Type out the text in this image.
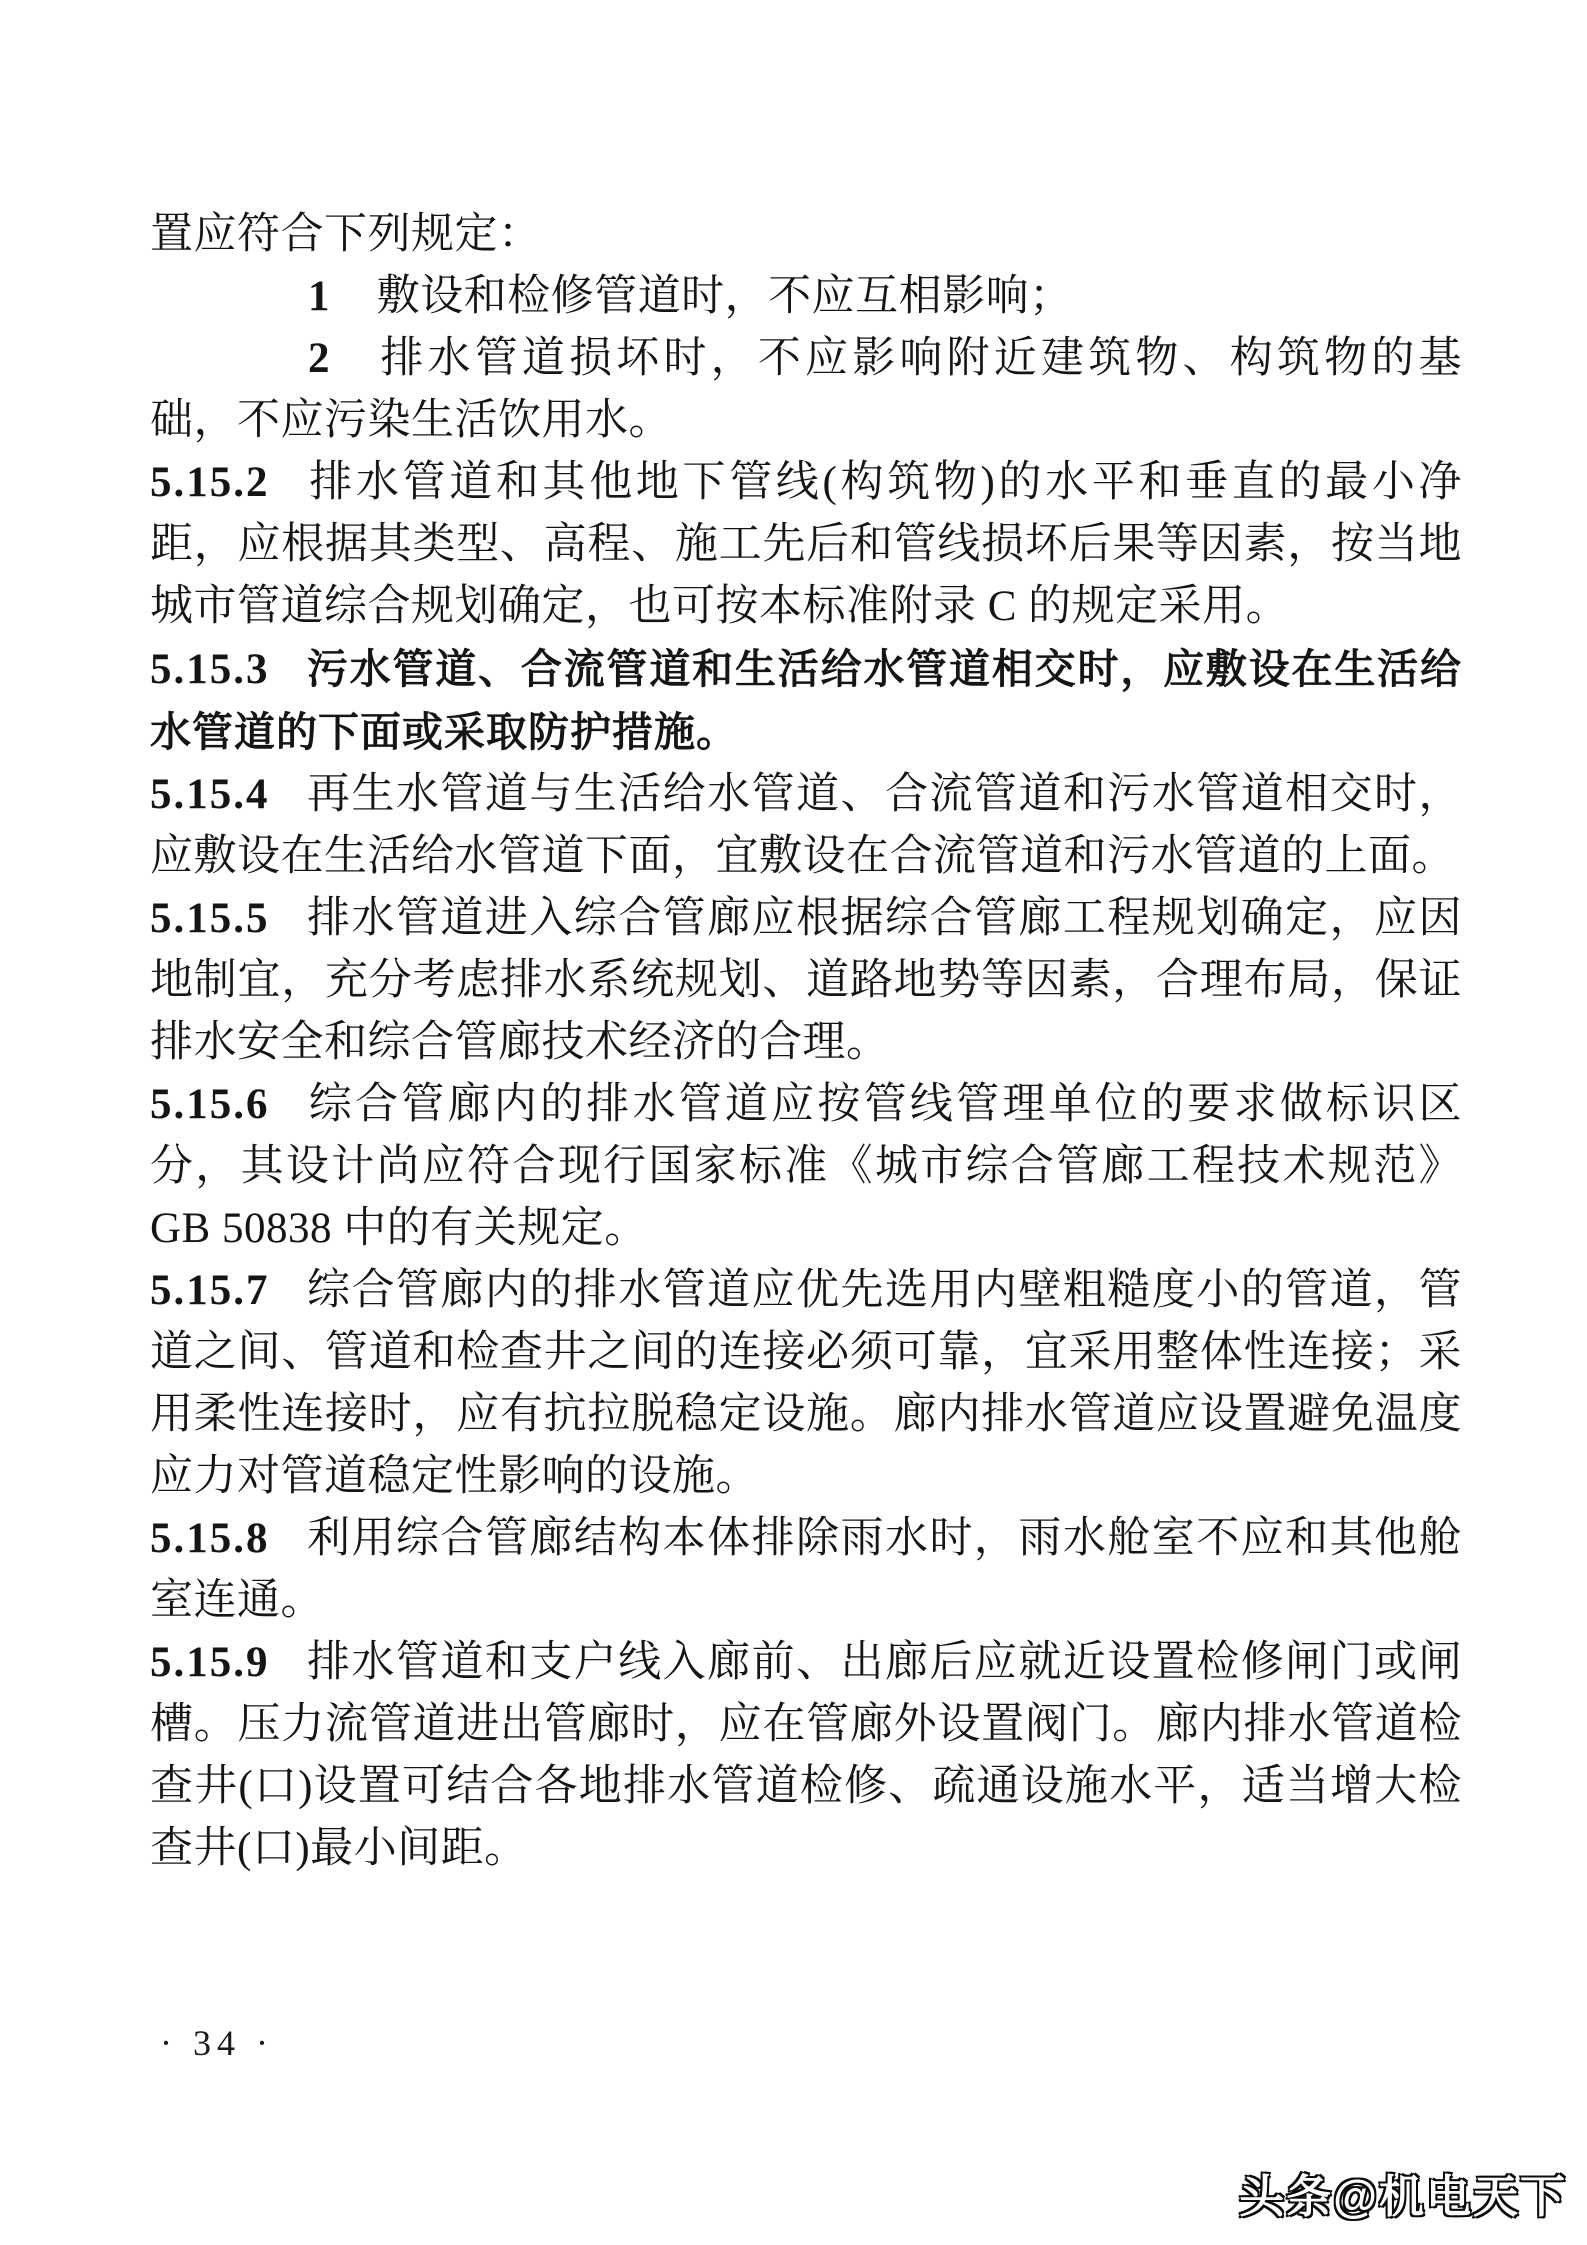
置应符合下列规定：

1 敷设和检修管道时，不应互相影响；

2 排水管道损坏时，不应影响附近建筑物、构筑物的基础，不应污染生活饮用水。

5.15.2 排水管道和其他地下管线(构筑物)的水平和垂直的最小净距，应根据其类型、高程、施工先后和管线损坏后果等因素，按当地城市管道综合规划确定，也可按本标准附录 C 的规定采用。

5.15.3 污水管道、合流管道和生活给水管道相交时，应敷设在生活给水管道的下面或采取防护措施。

5.15.4 再生水管道与生活给水管道、合流管道和污水管道相交时，应敷设在生活给水管道下面，宜敷设在合流管道和污水管道的上面。

5.15.5 排水管道进入综合管廊应根据综合管廊工程规划确定，应因地制宜，充分考虑排水系统规划、道路地势等因素，合理布局，保证排水安全和综合管廊技术经济的合理。

5.15.6 综合管廊内的排水管道应按管线管理单位的要求做标识区分，其设计尚应符合现行国家标准《城市综合管廊工程技术规范》GB 50838 中的有关规定。

5.15.7 综合管廊内的排水管道应优先选用内壁粗糙度小的管道，管道之间、管道和检查井之间的连接必须可靠，宜采用整体性连接；采用柔性连接时，应有抗拉脱稳定设施。廊内排水管道应设置避免温度应力对管道稳定性影响的设施。

5.15.8 利用综合管廊结构本体排除雨水时，雨水舱室不应和其他舱室连通。

5.15.9 排水管道和支户线入廊前、出廊后应就近设置检修闸门或闸槽。压力流管道进出管廊时，应在管廊外设置阀门。廊内排水管道检查井(口)设置可结合各地排水管道检修、疏通设施水平，适当增大检查井(口)最小间距。

· 34 ·
头条@机电天下
